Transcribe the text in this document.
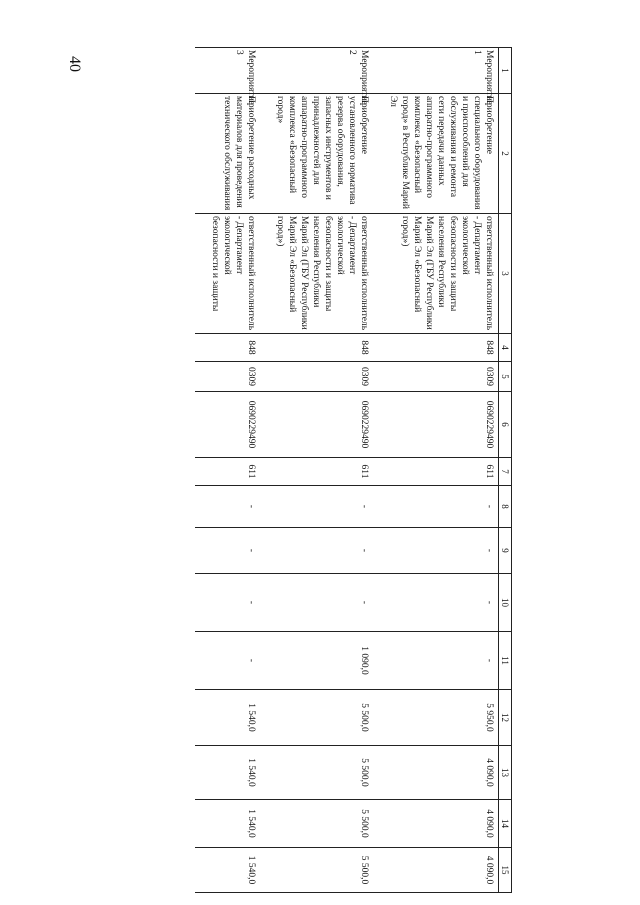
40	1	2	3	4	5	6	7	8	9	10	11	12	13	14	15
Мероприятие 1	Приобретение специального оборудования и приспособлений для обслуживания и ремонта сети передачи данных аппаратно-программного комплекса «Безопасный город» в Республике Марий Эл	ответственный исполнитель - Департамент экологической безопасности и защиты населения Республики Марий Эл (ГБУ Республики Марий Эл «Безопасный город»)	848	0309	0690229490	611	-	-	-	-	5 950,0	4 090,0	4 090,0	4 090,0
Мероприятие 2	Приобретение установленного норматива резерва оборудования, запасных инструментов и принадлежностей для аппаратно-программного комплекса «Безопасный город»	ответственный исполнитель - Департамент экологической безопасности и защиты населения Республики Марий Эл (ГБУ Республики Марий Эл «Безопасный город»)	848	0309	0690229490	611	-	-	-	1 090,0	5 500,0	5 500,0	5 500,0	5 500,0
Мероприятие 3	Приобретение расходных материалов для проведения технического обслуживания	ответственный исполнитель - Департамент экологической безопасности и защиты	848	0309	0690229490	611	-	-	-	-	1 540,0	1 540,0	1 540,0	1 540,0
